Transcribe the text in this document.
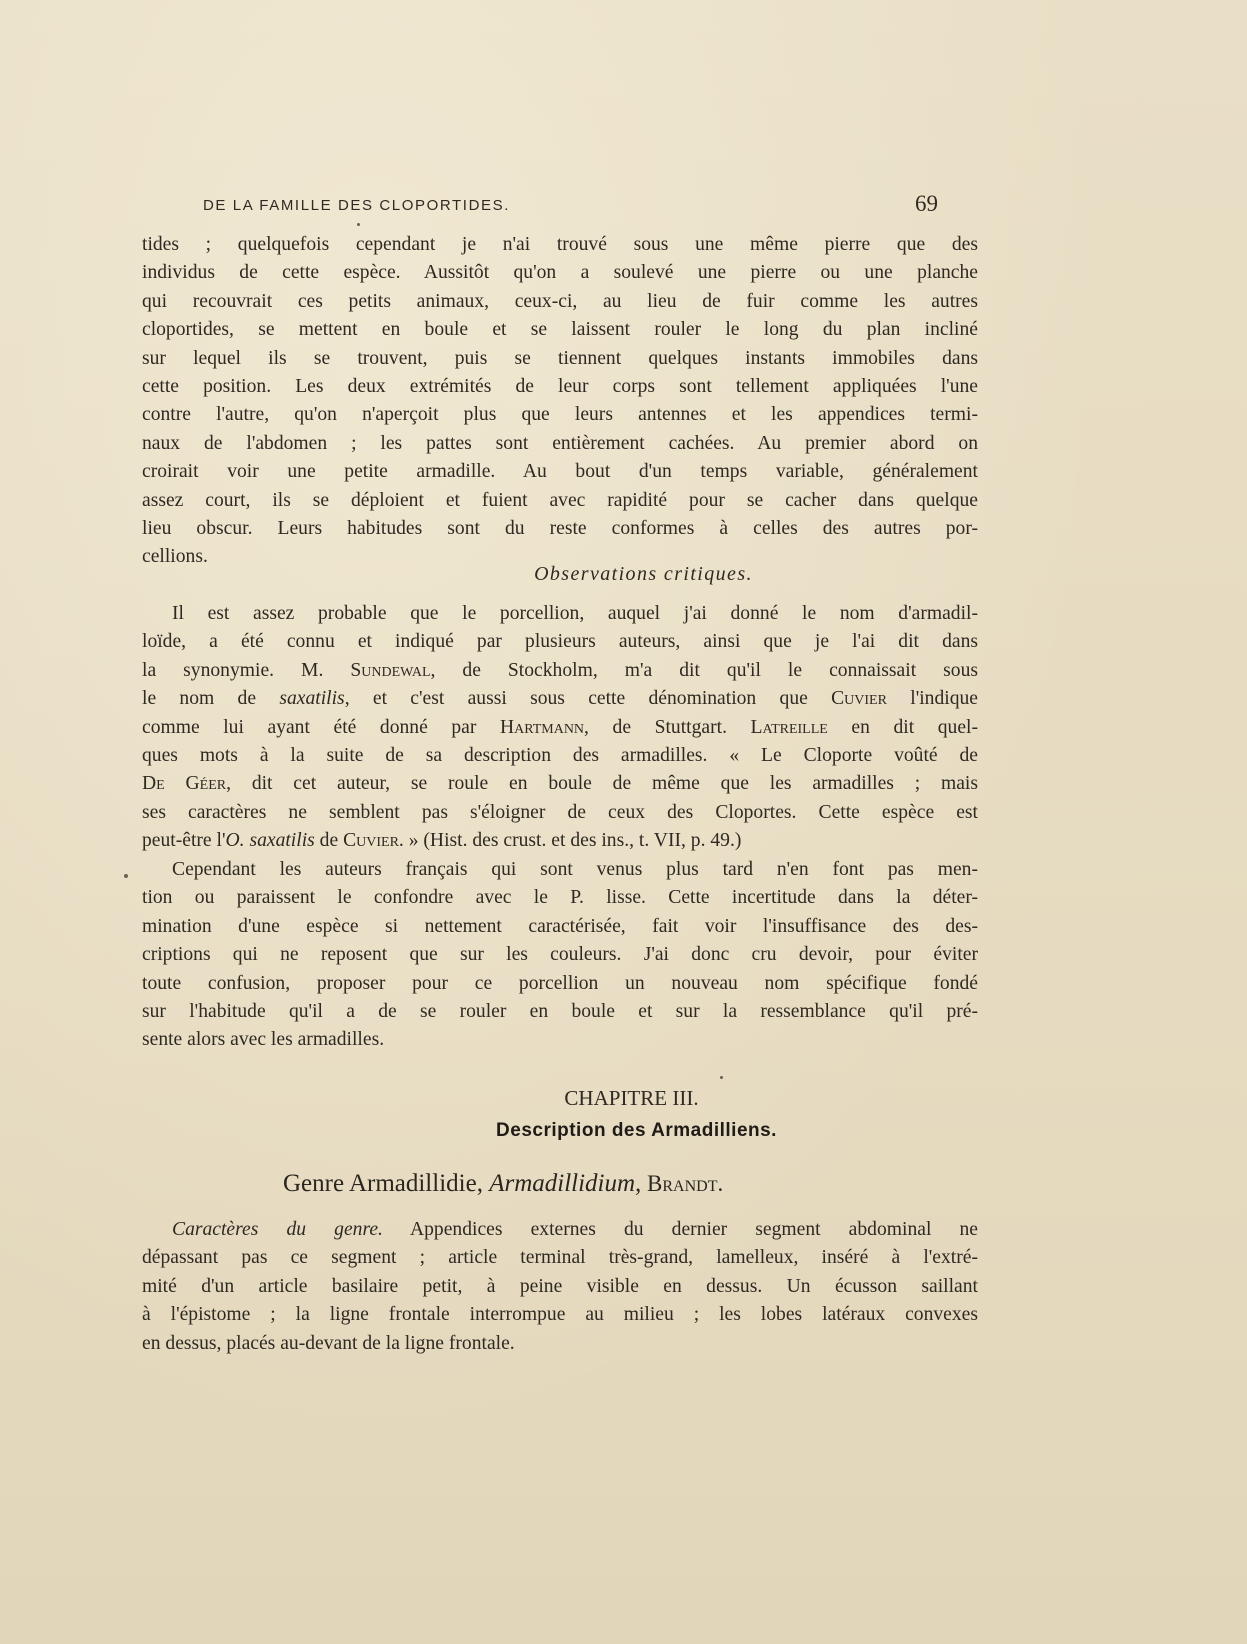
DE LA FAMILLE DES CLOPORTIDES.	69
tides ; quelquefois cependant je n'ai trouvé sous une même pierre que des
individus de cette espèce. Aussitôt qu'on a soulevé une pierre ou une planche
qui recouvrait ces petits animaux, ceux-ci, au lieu de fuir comme les autres
cloportides, se mettent en boule et se laissent rouler le long du plan incliné
sur lequel ils se trouvent, puis se tiennent quelques instants immobiles dans
cette position. Les deux extrémités de leur corps sont tellement appliquées l'une
contre l'autre, qu'on n'aperçoit plus que leurs antennes et les appendices termi-
naux de l'abdomen ; les pattes sont entièrement cachées. Au premier abord on
croirait voir une petite armadille. Au bout d'un temps variable, généralement
assez court, ils se déploient et fuient avec rapidité pour se cacher dans quelque
lieu obscur. Leurs habitudes sont du reste conformes à celles des autres por-
cellions.
Observations critiques.
Il est assez probable que le porcellion, auquel j'ai donné le nom d'armadil-
loïde, a été connu et indiqué par plusieurs auteurs, ainsi que je l'ai dit dans
la synonymie. M. Sundewal, de Stockholm, m'a dit qu'il le connaissait sous
le nom de saxatilis, et c'est aussi sous cette dénomination que Cuvier l'indique
comme lui ayant été donné par Hartmann, de Stuttgart. Latreille en dit quel-
ques mots à la suite de sa description des armadilles. « Le Cloporte voûté de
De Géer, dit cet auteur, se roule en boule de même que les armadilles ; mais
ses caractères ne semblent pas s'éloigner de ceux des Cloportes. Cette espèce est
peut-être l'O. saxatilis de Cuvier. » (Hist. des crust. et des ins., t. VII, p. 49.)
Cependant les auteurs français qui sont venus plus tard n'en font pas men-
tion ou paraissent le confondre avec le P. lisse. Cette incertitude dans la déter-
mination d'une espèce si nettement caractérisée, fait voir l'insuffisance des des-
criptions qui ne reposent que sur les couleurs. J'ai donc cru devoir, pour éviter
toute confusion, proposer pour ce porcellion un nouveau nom spécifique fondé
sur l'habitude qu'il a de se rouler en boule et sur la ressemblance qu'il pré-
sente alors avec les armadilles.
CHAPITRE III.
Description des Armadilliens.
Genre Armadillidie, Armadillidium, Brandt.
Caractères du genre. Appendices externes du dernier segment abdominal ne
dépassant pas ce segment ; article terminal très-grand, lamelleux, inséré à l'extré-
mité d'un article basilaire petit, à peine visible en dessus. Un écusson saillant
à l'épistome ; la ligne frontale interrompue au milieu ; les lobes latéraux convexes
en dessus, placés au-devant de la ligne frontale.
